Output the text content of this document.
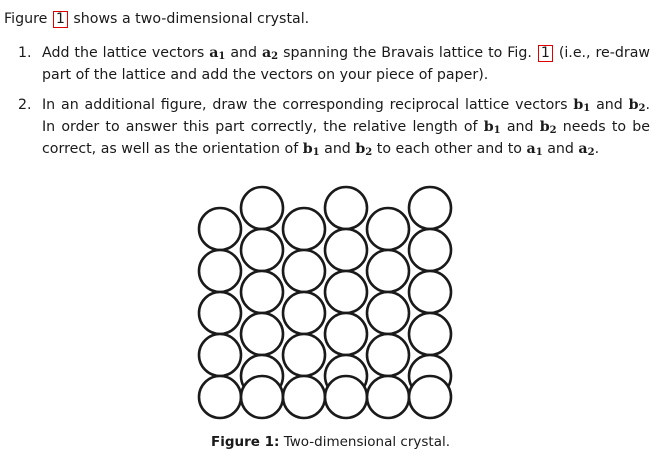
Figure 1 shows a two-dimensional crystal.
1. Add the lattice vectors $a_1$ and $a_2$ spanning the Bravais lattice to Fig. 1 (i.e., re-draw part of the lattice and add the vectors on your piece of paper).
2. In an additional figure, draw the corresponding reciprocal lattice vectors $b_1$ and $b_2$. In order to answer this part correctly, the relative length of $b_1$ and $b_2$ needs to be correct, as well as the orientation of $b_1$ and $b_2$ to each other and to $a_1$ and $a_2$.
Figure 1: Two-dimensional crystal.
